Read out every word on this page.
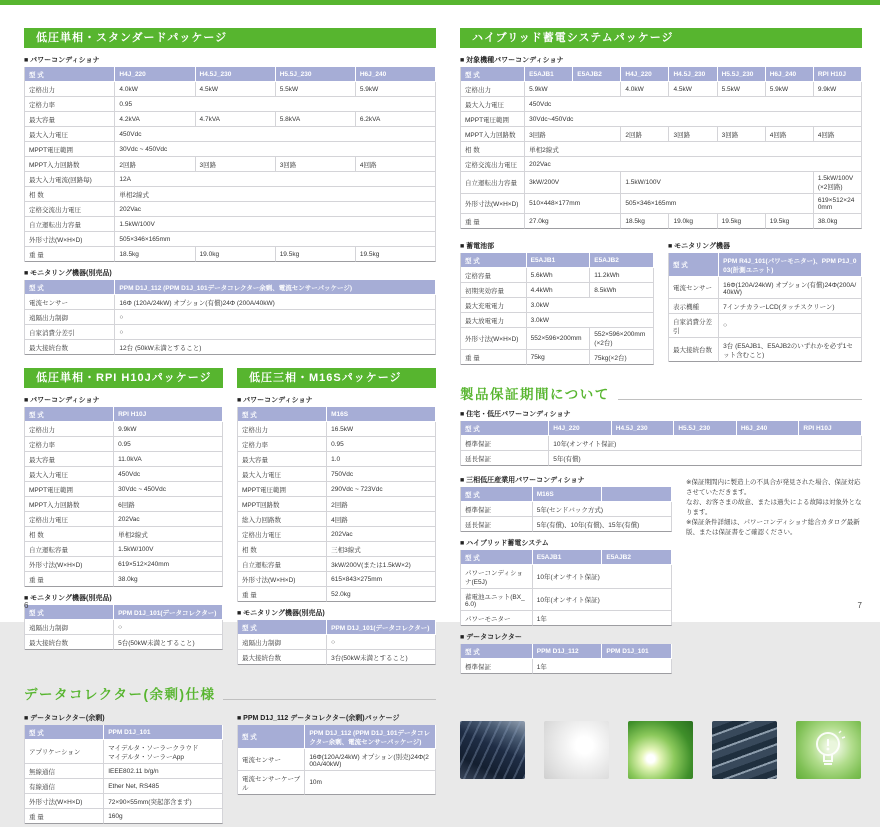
低圧単相・スタンダードパッケージ
■ パワーコンディショナ
型 式	H4J_220	H4.5J_230	H5.5J_230	H6J_240
定格出力	4.0kW	4.5kW	5.5kW	5.9kW
定格力率	0.95			
最大容量	4.2kVA	4.7kVA	5.8kVA	6.2kVA
最大入力電圧	450Vdc			
MPPT電圧範囲	30Vdc ~ 450Vdc			
MPPT入力回路数	2回路	3回路	3回路	4回路
最大入力電流(回路毎)	12A			
相 数	単相2線式			
定格交流出力電圧	202Vac			
自立運転出力容量	1.5kW/100V			
外形寸法(W×H×D)	505×346×165mm			
重 量	18.5kg	19.0kg	19.5kg	19.5kg
■ モニタリング機器(別売品)
型 式	PPM D1J_112 (PPM D1J_101データコレクター余剰、電流センサーパッケージ)
電流センサー	16Φ (120A/24kW) オプション(有償)24Φ (200A/40kW)
遠隔出力制御	○
自家消費分差引	○
最大接続台数	12台 (50kW未満とすること)
低圧単相・RPI H10Jパッケージ
■ パワーコンディショナ
型 式	RPI H10J
定格出力	9.9kW
定格力率	0.95
最大容量	11.0kVA
最大入力電圧	450Vdc
MPPT電圧範囲	30Vdc ~ 450Vdc
MPPT入力回路数	6回路
定格出力電圧	202Vac
相 数	単相2線式
自立運転容量	1.5kW/100V
外形寸法(W×H×D)	619×512×240mm
重 量	38.0kg
■ モニタリング機器(別売品)
型 式	PPM D1J_101(データコレクター)
遠隔出力制御	○
最大接続台数	5台(50kW未満とすること)
低圧三相・M16Sパッケージ
■ パワーコンディショナ
型 式	M16S
定格出力	16.5kW
定格力率	0.95
最大容量	1.0
最大入力電圧	750Vdc
MPPT電圧範囲	290Vdc ~ 723Vdc
MPPT回路数	2回路
総入力回路数	4回路
定格出力電圧	202Vac
相 数	三相3線式
自立運転容量	3kW/200V(または1.5kW×2)
外形寸法(W×H×D)	615×843×275mm
重 量	52.0kg
■ モニタリング機器(別売品)
型 式	PPM D1J_101(データコレクター)
遠隔出力制御	○
最大接続台数	3台(50kW未満とすること)
データコレクター(余剰)仕様
■ データコレクター(余剰)
型 式	PPM D1J_101
アプリケーション	マイデルタ・ソーラークラウド
マイデルタ・ソーラーApp
無線通信	IEEE802.11 b/g/n
有線通信	Ether Net, RS485
外形寸法(W×H×D)	72×90×55mm(突起部含まず)
重 量	160g
■ PPM D1J_112 データコレクター(余剰)パッケージ
型 式	PPM D1J_112 (PPM D1J_101データコレクター余剰、電流センサーパッケージ)
電流センサー	16Φ(120A/24kW) オプション(別売)24Φ(200A/40kW)
電流センサーケーブル	10m
ハイブリッド蓄電システムパッケージ
■ 対象機種パワーコンディショナ
型 式	E5AJB1	E5AJB2	H4J_220	H4.5J_230	H5.5J_230	H6J_240	RPI H10J
定格出力	5.9kW		4.0kW	4.5kW	5.5kW	5.9kW	9.9kW
最大入力電圧	450Vdc						
MPPT電圧範囲	30Vdc~450Vdc						
MPPT入力回路数	3回路		2回路	3回路	3回路	4回路	4回路
相 数	単相2線式						
定格交流出力電圧	202Vac						
自立運転出力容量	3kW/200V		1.5kW/100V				1.5kW/100V(×2回路)
外形寸法(W×H×D)	510×448×177mm		505×346×165mm				619×512×240mm
重 量	27.0kg		18.5kg	19.0kg	19.5kg	19.5kg	38.0kg
■ 蓄電池部
型 式	E5AJB1	E5AJB2
定格容量	5.6kWh	11.2kWh
初期実効容量	4.4kWh	8.5kWh
最大充電電力	3.0kW	
最大放電電力	3.0kW	
外形寸法(W×H×D)	552×596×200mm	552×596×200mm(×2台)
重 量	75kg	75kg(×2台)
■ モニタリング機器
型 式	PPM R4J_101(パワーモニター)、PPM P1J_003(計測ユニット)
電流センサー	16Φ(120A/24kW) オプション(有償)24Φ(200A/40kW)
表示機種	7インチカラーLCD(タッチスクリーン)
自家消費分差引	○
最大接続台数	3台 (E5AJB1、E5AJB2のいずれかを必ず1セット含むこと)
製品保証期間について
■ 住宅・低圧パワーコンディショナ
型 式	H4J_220	H4.5J_230	H5.5J_230	H6J_240	RPI H10J
標準保証	10年(オンサイト保証)				
延長保証	5年(有償)				
■ 三相低圧産業用パワーコンディショナ
型 式	M16S	
標準保証	5年(センドバック方式)	
延長保証	5年(有償)、10年(有償)、15年(有償)	
■ ハイブリッド蓄電システム
型 式	E5AJB1	E5AJB2
パワーコンディショナ(E5J)	10年(オンサイト保証)	
蓄電池ユニット(BX_6.0)	10年(オンサイト保証)	
パワーモニター	1年	
■ データコレクター
型 式	PPM D1J_112	PPM D1J_101
標準保証	1年	
※保証期間内に製造上の不具合が発見された場合、保証対応させていただきます。
なお、お客さまの故意、または過失による故障は対象外となります。
※保証条件詳細は、パワーコンディショナ総合カタログ最新版、または保証書をご確認ください。
6	7
